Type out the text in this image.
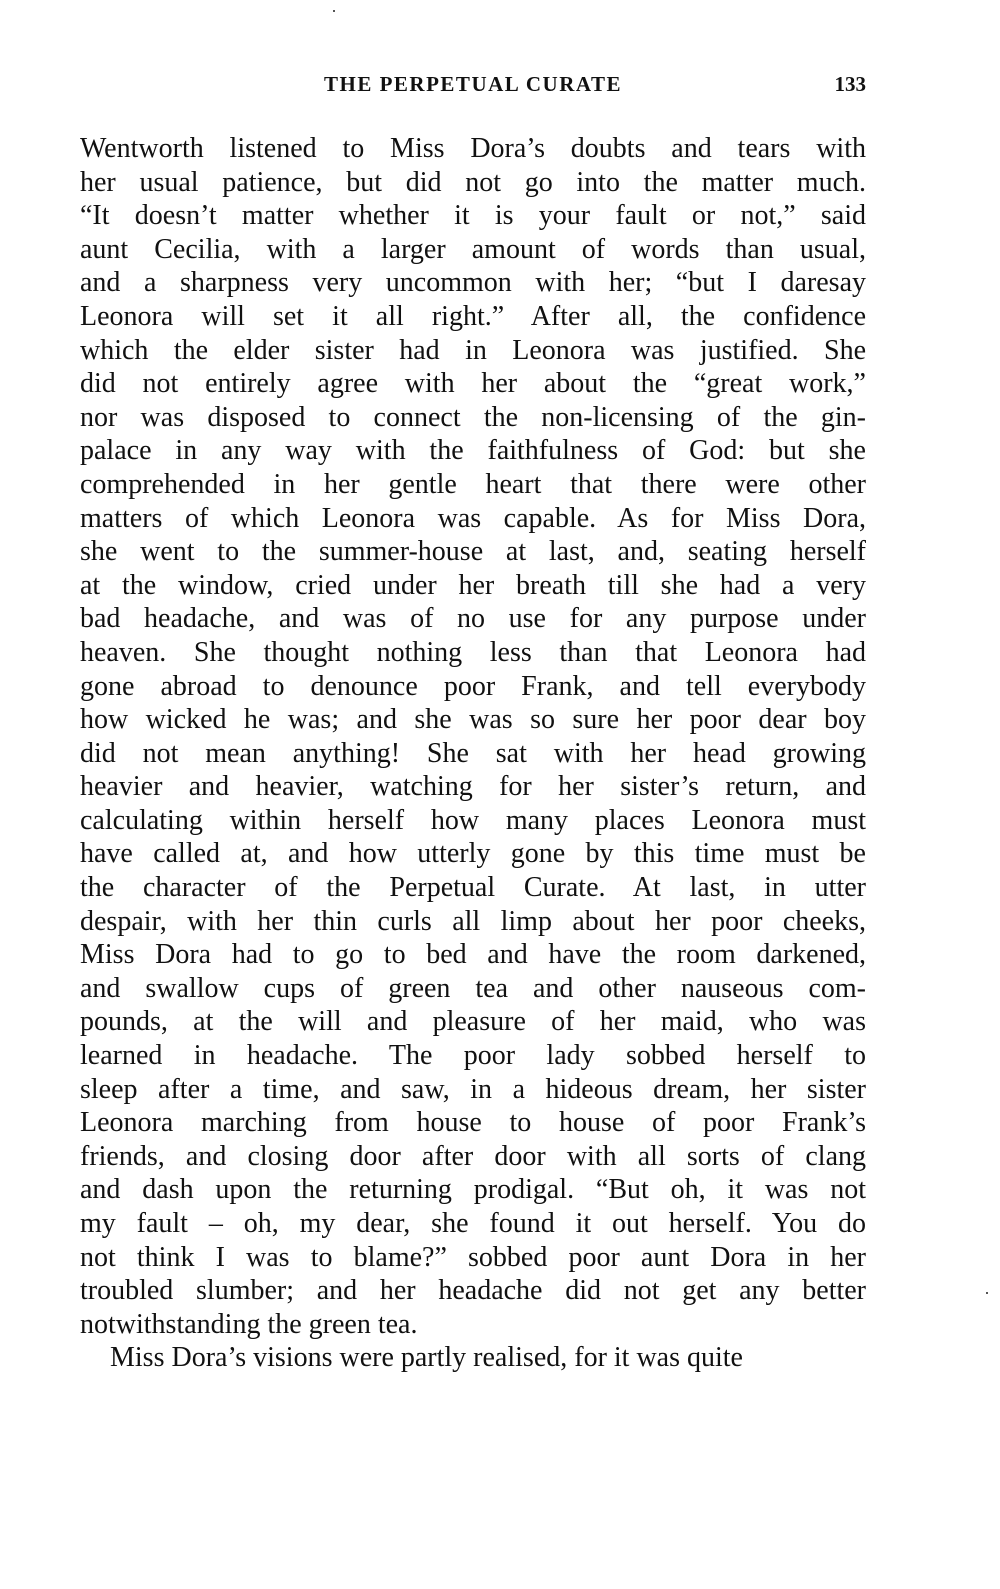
THE PERPETUAL CURATE	133
Wentworth listened to Miss Dora’s doubts and tears with
her usual patience, but did not go into the matter much.
“It doesn’t matter whether it is your fault or not,” said
aunt Cecilia, with a larger amount of words than usual,
and a sharpness very uncommon with her; “but I daresay
Leonora will set it all right.” After all, the confidence
which the elder sister had in Leonora was justified. She
did not entirely agree with her about the “great work,”
nor was disposed to connect the non-licensing of the gin-
palace in any way with the faithfulness of God: but she
comprehended in her gentle heart that there were other
matters of which Leonora was capable. As for Miss Dora,
she went to the summer-house at last, and, seating herself
at the window, cried under her breath till she had a very
bad headache, and was of no use for any purpose under
heaven. She thought nothing less than that Leonora had
gone abroad to denounce poor Frank, and tell everybody
how wicked he was; and she was so sure her poor dear boy
did not mean anything! She sat with her head growing
heavier and heavier, watching for her sister’s return, and
calculating within herself how many places Leonora must
have called at, and how utterly gone by this time must be
the character of the Perpetual Curate. At last, in utter
despair, with her thin curls all limp about her poor cheeks,
Miss Dora had to go to bed and have the room darkened,
and swallow cups of green tea and other nauseous com-
pounds, at the will and pleasure of her maid, who was
learned in headache. The poor lady sobbed herself to
sleep after a time, and saw, in a hideous dream, her sister
Leonora marching from house to house of poor Frank’s
friends, and closing door after door with all sorts of clang
and dash upon the returning prodigal. “But oh, it was not
my fault – oh, my dear, she found it out herself. You do
not think I was to blame?” sobbed poor aunt Dora in her
troubled slumber; and her headache did not get any better
notwithstanding the green tea.
Miss Dora’s visions were partly realised, for it was quite
